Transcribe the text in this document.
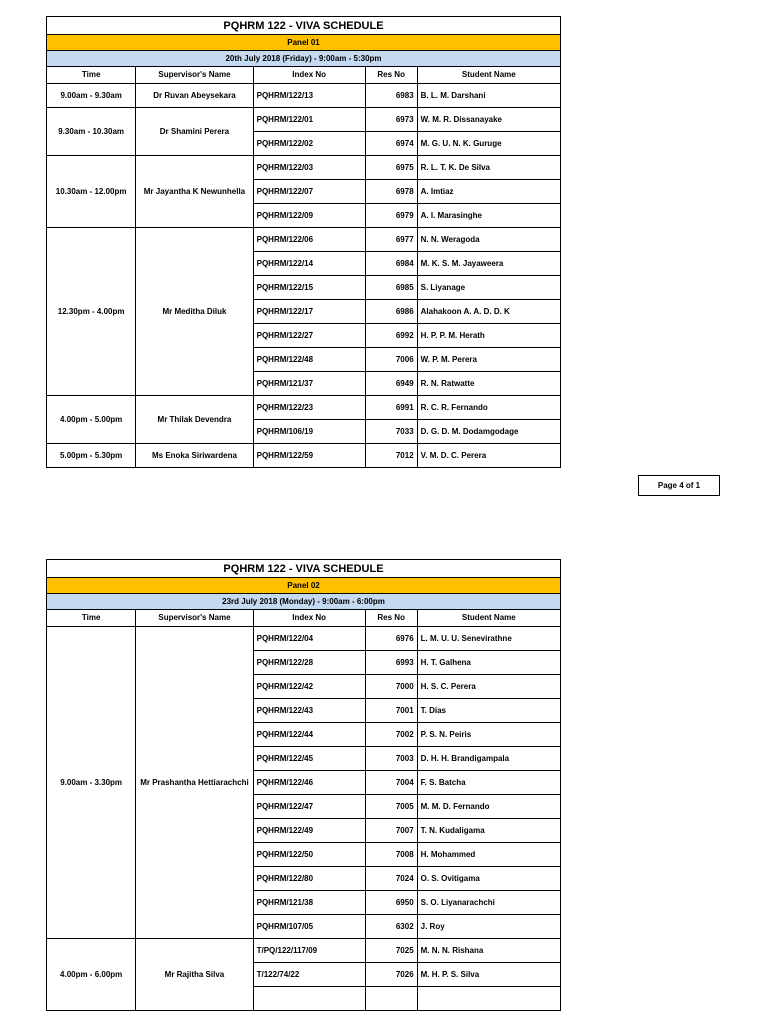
PQHRM 122 - VIVA SCHEDULE				
Panel 01				
20th July 2018 (Friday) - 9:00am - 5:30pm				
Time	Supervisor's Name	Index No	Res No	Student Name
9.00am - 9.30am	Dr Ruvan Abeysekara	PQHRM/122/13	6983	B. L. M. Darshani
9.30am - 10.30am	Dr Shamini Perera	PQHRM/122/01	6973	W. M. R. Dissanayake
		PQHRM/122/02	6974	M. G. U. N. K. Guruge
10.30am - 12.00pm	Mr Jayantha K Newunhella	PQHRM/122/03	6975	R. L. T. K. De Silva
		PQHRM/122/07	6978	A. Imtiaz
		PQHRM/122/09	6979	A. I. Marasinghe
12.30pm - 4.00pm	Mr Meditha Diluk	PQHRM/122/06	6977	N. N. Weragoda
		PQHRM/122/14	6984	M. K. S. M. Jayaweera
		PQHRM/122/15	6985	S. Liyanage
		PQHRM/122/17	6986	Alahakoon A. A. D. D. K
		PQHRM/122/27	6992	H. P. P. M. Herath
		PQHRM/122/48	7006	W. P. M. Perera
		PQHRM/121/37	6949	R. N. Ratwatte
4.00pm - 5.00pm	Mr Thilak Devendra	PQHRM/122/23	6991	R. C. R. Fernando
		PQHRM/106/19	7033	D. G. D. M. Dodamgodage
5.00pm - 5.30pm	Ms Enoka Siriwardena	PQHRM/122/59	7012	V. M. D. C. Perera
PQHRM 122 - VIVA SCHEDULE				
Panel 02				
23rd July 2018 (Monday) - 9:00am - 6:00pm				
Time	Supervisor's Name	Index No	Res No	Student Name
9.00am - 3.30pm	Mr Prashantha Hettiarachchi	PQHRM/122/04	6976	L. M. U. U. Senevirathne
		PQHRM/122/28	6993	H. T. Galhena
		PQHRM/122/42	7000	H. S. C. Perera
		PQHRM/122/43	7001	T. Dias
		PQHRM/122/44	7002	P. S. N. Peiris
		PQHRM/122/45	7003	D. H. H. Brandigampala
		PQHRM/122/46	7004	F. S. Batcha
		PQHRM/122/47	7005	M. M. D. Fernando
		PQHRM/122/49	7007	T. N. Kudaligama
		PQHRM/122/50	7008	H. Mohammed
		PQHRM/122/80	7024	O. S. Ovitigama
		PQHRM/121/38	6950	S. O. Liyanarachchi
		PQHRM/107/05	6302	J. Roy
4.00pm - 6.00pm	Mr Rajitha Silva	T/PQ/122/117/09	7025	M. N. N. Rishana
		T/122/74/22	7026	M. H. P. S. Silva

Page 4 of 1
